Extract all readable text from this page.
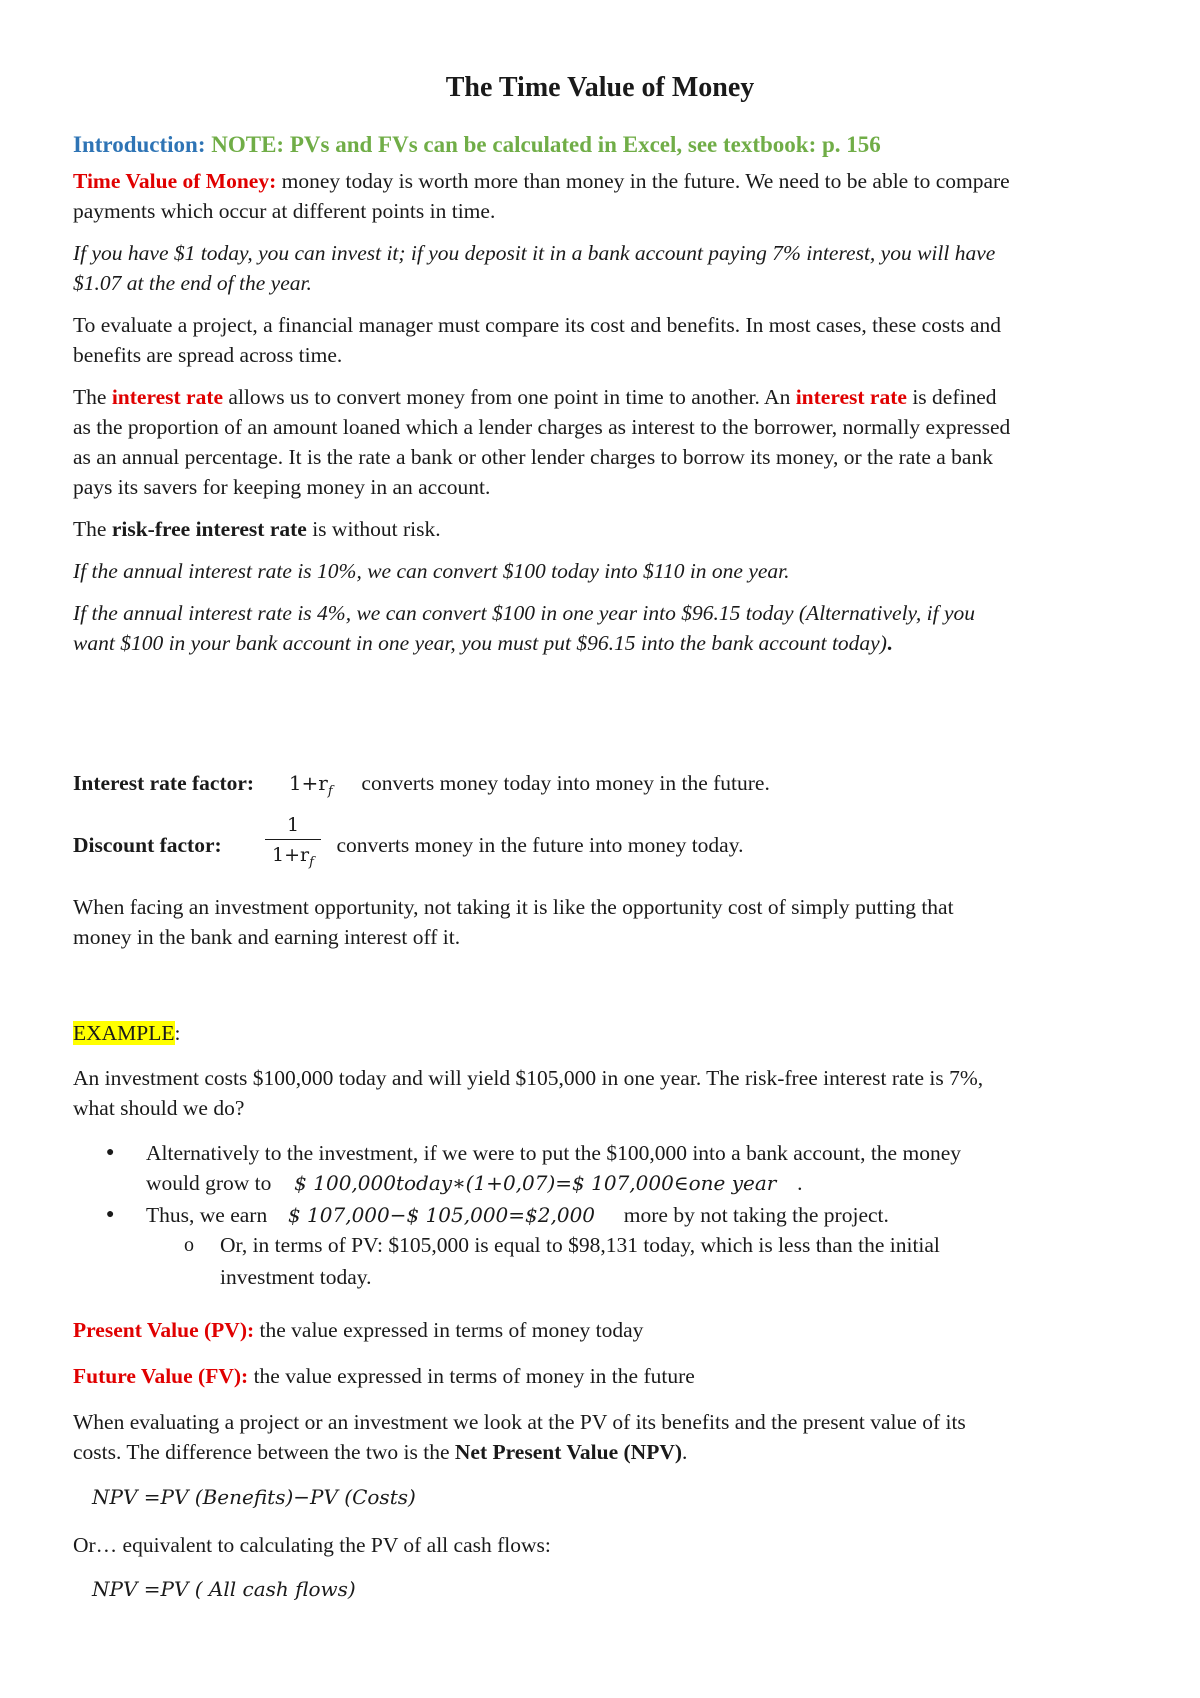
The Time Value of Money
Introduction: NOTE: PVs and FVs can be calculated in Excel, see textbook: p. 156
Time Value of Money: money today is worth more than money in the future. We need to be able to compare
payments which occur at different points in time.
If you have $1 today, you can invest it; if you deposit it in a bank account paying 7% interest, you will have
$1.07 at the end of the year.
To evaluate a project, a financial manager must compare its cost and benefits. In most cases, these costs and
benefits are spread across time.
The interest rate allows us to convert money from one point in time to another. An interest rate is defined
as the proportion of an amount loaned which a lender charges as interest to the borrower, normally expressed
as an annual percentage. It is the rate a bank or other lender charges to borrow its money, or the rate a bank
pays its savers for keeping money in an account.
The risk-free interest rate is without risk.
If the annual interest rate is 10%, we can convert $100 today into $110 in one year.
If the annual interest rate is 4%, we can convert $100 in one year into $96.15 today (Alternatively, if you
want $100 in your bank account in one year, you must put $96.15 into the bank account today).
Interest rate factor: $1+r_f$ converts money today into money in the future.
Discount factor:	converts money in the future into money today.
1
$1+r_f$
When facing an investment opportunity, not taking it is like the opportunity cost of simply putting that
money in the bank and earning interest off it.
EXAMPLE:
An investment costs $100,000 today and will yield $105,000 in one year. The risk-free interest rate is 7%,
what should we do?
● Alternatively to the investment, if we were to put the $100,000 into a bank account, the money
would grow to $ 100,000today∗(1+0,07)=$ 107,000∈one year .
● Thus, we earn $ 107,000−$ 105,000=$2,000 more by not taking the project.
o Or, in terms of PV: $105,000 is equal to $98,131 today, which is less than the initial
investment today.
Present Value (PV): the value expressed in terms of money today
Future Value (FV): the value expressed in terms of money in the future
When evaluating a project or an investment we look at the PV of its benefits and the present value of its
costs. The difference between the two is the Net Present Value (NPV).
NPV =PV (Benefits)−PV (Costs)
Or… equivalent to calculating the PV of all cash flows:
NPV =PV ( All cash flows)
